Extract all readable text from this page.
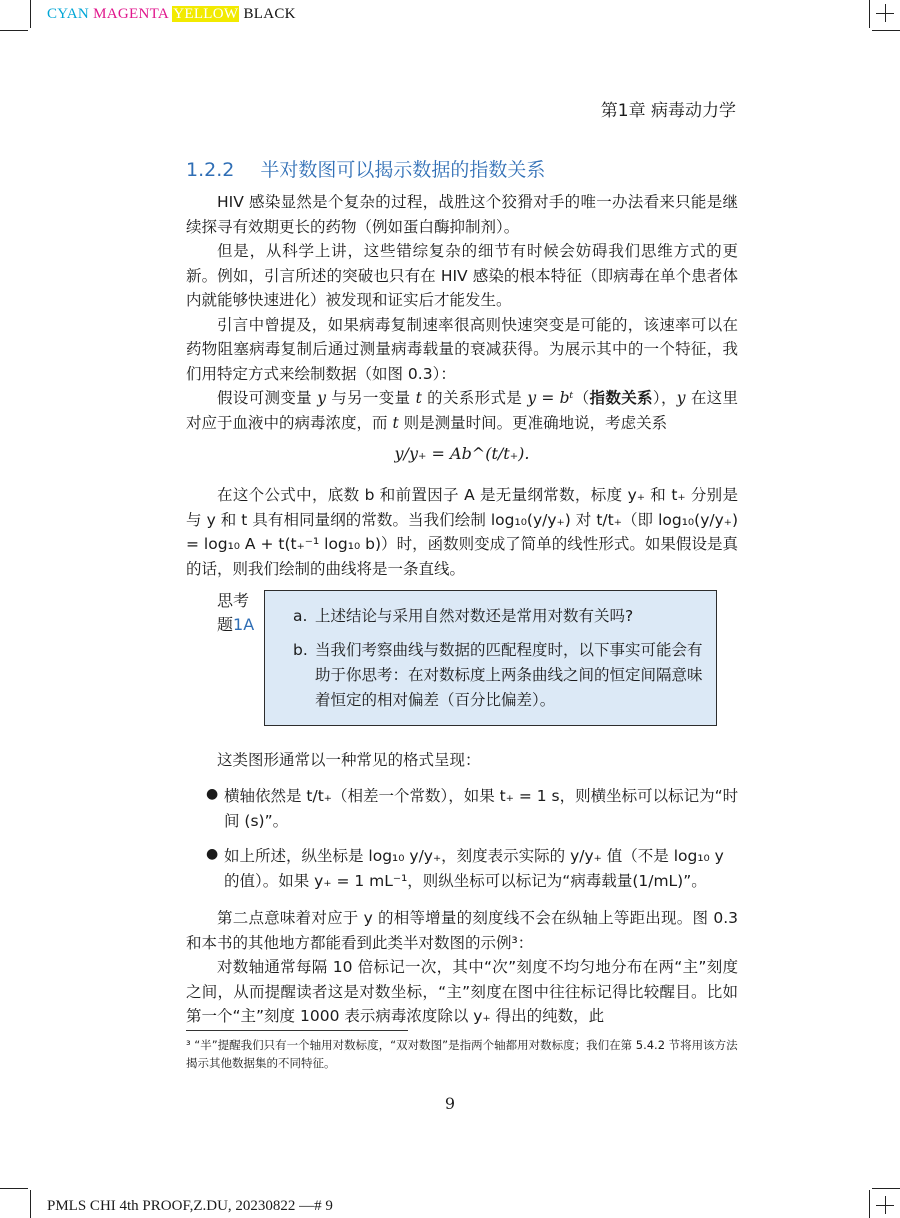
CYAN MAGENTA YELLOW BLACK
第1章 病毒动力学
1.2.2 半对数图可以揭示数据的指数关系

HIV 感染显然是个复杂的过程，战胜这个狡猾对手的唯一办法看来只能是继续探寻有效期更长的药物（例如蛋白酶抑制剂）。

但是，从科学上讲，这些错综复杂的细节有时候会妨碍我们思维方式的更新。例如，引言所述的突破也只有在 HIV 感染的根本特征（即病毒在单个患者体内就能够快速进化）被发现和证实后才能发生。

引言中曾提及，如果病毒复制速率很高则快速突变是可能的，该速率可以在药物阻塞病毒复制后通过测量病毒载量的衰减获得。为展示其中的一个特征，我们用特定方式来绘制数据（如图 0.3）：

假设可测变量 y 与另一变量 t 的关系形式是 y = bᵗ（指数关系），y 在这里对应于血液中的病毒浓度，而 t 则是测量时间。更准确地说，考虑关系

y/y₊ = Ab^(t/t₊).

在这个公式中，底数 b 和前置因子 A 是无量纲常数，标度 y₊ 和 t₊ 分别是与 y 和 t 具有相同量纲的常数。当我们绘制 log₁₀(y/y₊) 对 t/t₊（即 log₁₀(y/y₊) = log₁₀ A + t(t₊⁻¹ log₁₀ b)）时，函数则变成了简单的线性形式。如果假设是真的话，则我们绘制的曲线将是一条直线。

思考
题1A	a. 上述结论与采用自然对数还是常用对数有关吗?
b. 当我们考察曲线与数据的匹配程度时，以下事实可能会有助于你思考：在对数标度上两条曲线之间的恒定间隔意味着恒定的相对偏差（百分比偏差）。

这类图形通常以一种常见的格式呈现：

● 横轴依然是 t/t₊（相差一个常数），如果 t₊ = 1 s，则横坐标可以标记为“时间 (s)”。
● 如上所述，纵坐标是 log₁₀ y/y₊，刻度表示实际的 y/y₊ 值（不是 log₁₀ y 的值）。如果 y₊ = 1 mL⁻¹，则纵坐标可以标记为“病毒载量(1/mL)”。

第二点意味着对应于 y 的相等增量的刻度线不会在纵轴上等距出现。图 0.3 和本书的其他地方都能看到此类半对数图的示例³：

对数轴通常每隔 10 倍标记一次，其中“次”刻度不均匀地分布在两“主”刻度之间，从而提醒读者这是对数坐标，“主”刻度在图中往往标记得比较醒目。比如第一个“主”刻度 1000 表示病毒浓度除以 y₊ 得出的纯数，此

³ “半”提醒我们只有一个轴用对数标度，“双对数图”是指两个轴都用对数标度；我们在第 5.4.2 节将用该方法揭示其他数据集的不同特征。
9
PMLS CHI 4th PROOF,Z.DU, 20230822 —# 9
